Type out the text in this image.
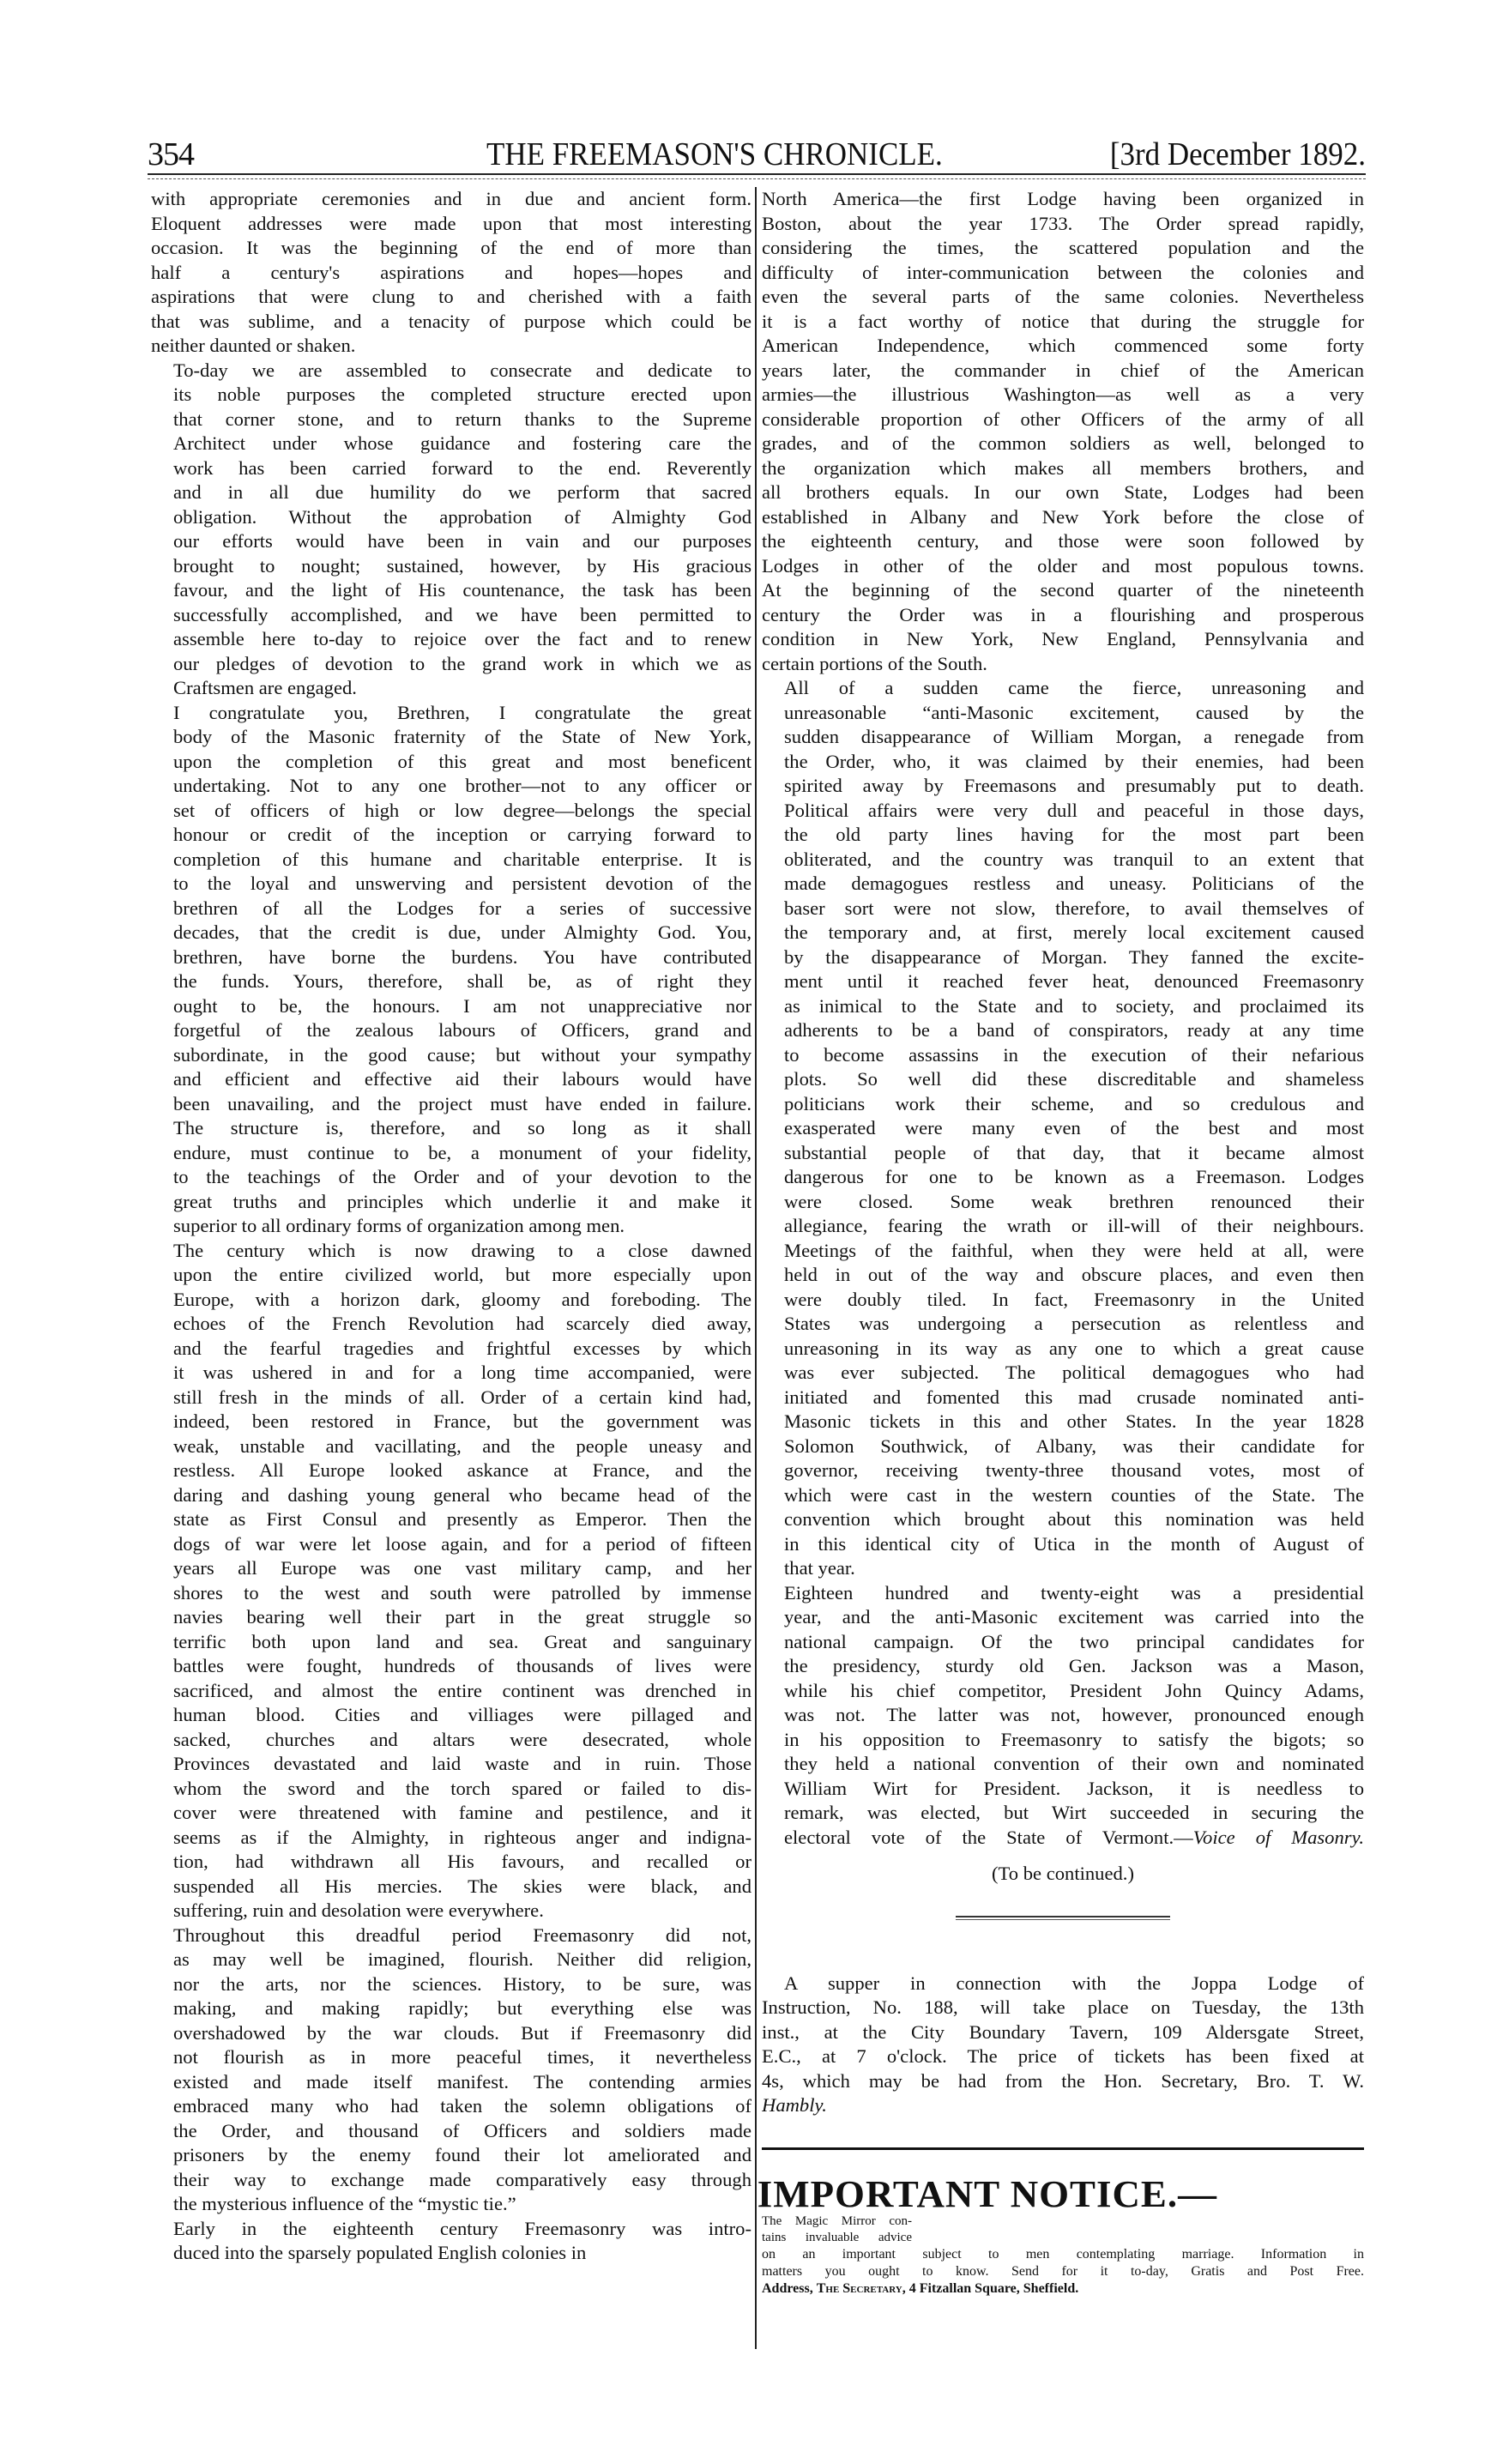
354	THE FREEMASON'S CHRONICLE.	[3rd December 1892.

with appropriate ceremonies and in due and ancient form.
Eloquent addresses were made upon that most interesting
occasion. It was the beginning of the end of more than
half a century's aspirations and hopes—hopes and
aspirations that were clung to and cherished with a faith
that was sublime, and a tenacity of purpose which could be
neither daunted or shaken.

To-day we are assembled to consecrate and dedicate to
its noble purposes the completed structure erected upon
that corner stone, and to return thanks to the Supreme
Architect under whose guidance and fostering care the
work has been carried forward to the end. Reverently
and in all due humility do we perform that sacred
obligation. Without the approbation of Almighty God
our efforts would have been in vain and our purposes
brought to nought; sustained, however, by His gracious
favour, and the light of His countenance, the task has been
successfully accomplished, and we have been permitted to
assemble here to-day to rejoice over the fact and to renew
our pledges of devotion to the grand work in which we as
Craftsmen are engaged.

I congratulate you, Brethren, I congratulate the great
body of the Masonic fraternity of the State of New York,
upon the completion of this great and most beneficent
undertaking. Not to any one brother—not to any officer or
set of officers of high or low degree—belongs the special
honour or credit of the inception or carrying forward to
completion of this humane and charitable enterprise. It is
to the loyal and unswerving and persistent devotion of the
brethren of all the Lodges for a series of successive
decades, that the credit is due, under Almighty God. You,
brethren, have borne the burdens. You have contributed
the funds. Yours, therefore, shall be, as of right they
ought to be, the honours. I am not unappreciative nor
forgetful of the zealous labours of Officers, grand and
subordinate, in the good cause; but without your sympathy
and efficient and effective aid their labours would have
been unavailing, and the project must have ended in failure.
The structure is, therefore, and so long as it shall
endure, must continue to be, a monument of your fidelity,
to the teachings of the Order and of your devotion to the
great truths and principles which underlie it and make it
superior to all ordinary forms of organization among men.

The century which is now drawing to a close dawned
upon the entire civilized world, but more especially upon
Europe, with a horizon dark, gloomy and foreboding. The
echoes of the French Revolution had scarcely died away,
and the fearful tragedies and frightful excesses by which
it was ushered in and for a long time accompanied, were
still fresh in the minds of all. Order of a certain kind had,
indeed, been restored in France, but the government was
weak, unstable and vacillating, and the people uneasy and
restless. All Europe looked askance at France, and the
daring and dashing young general who became head of the
state as First Consul and presently as Emperor. Then the
dogs of war were let loose again, and for a period of fifteen
years all Europe was one vast military camp, and her
shores to the west and south were patrolled by immense
navies bearing well their part in the great struggle so
terrific both upon land and sea. Great and sanguinary
battles were fought, hundreds of thousands of lives were
sacrificed, and almost the entire continent was drenched in
human blood. Cities and villiages were pillaged and
sacked, churches and altars were desecrated, whole
Provinces devastated and laid waste and in ruin. Those
whom the sword and the torch spared or failed to dis-
cover were threatened with famine and pestilence, and it
seems as if the Almighty, in righteous anger and indigna-
tion, had withdrawn all His favours, and recalled or
suspended all His mercies. The skies were black, and
suffering, ruin and desolation were everywhere.

Throughout this dreadful period Freemasonry did not,
as may well be imagined, flourish. Neither did religion,
nor the arts, nor the sciences. History, to be sure, was
making, and making rapidly; but everything else was
overshadowed by the war clouds. But if Freemasonry did
not flourish as in more peaceful times, it nevertheless
existed and made itself manifest. The contending armies
embraced many who had taken the solemn obligations of
the Order, and thousand of Officers and soldiers made
prisoners by the enemy found their lot ameliorated and
their way to exchange made comparatively easy through
the mysterious influence of the “mystic tie.”

Early in the eighteenth century Freemasonry was intro-
duced into the sparsely populated English colonies in

North America—the first Lodge having been organized in
Boston, about the year 1733. The Order spread rapidly,
considering the times, the scattered population and the
difficulty of inter-communication between the colonies and
even the several parts of the same colonies. Nevertheless
it is a fact worthy of notice that during the struggle for
American Independence, which commenced some forty
years later, the commander in chief of the American
armies—the illustrious Washington—as well as a very
considerable proportion of other Officers of the army of all
grades, and of the common soldiers as well, belonged to
the organization which makes all members brothers, and
all brothers equals. In our own State, Lodges had been
established in Albany and New York before the close of
the eighteenth century, and those were soon followed by
Lodges in other of the older and most populous towns.
At the beginning of the second quarter of the nineteenth
century the Order was in a flourishing and prosperous
condition in New York, New England, Pennsylvania and
certain portions of the South.

All of a sudden came the fierce, unreasoning and
unreasonable “anti-Masonic excitement, caused by the
sudden disappearance of William Morgan, a renegade from
the Order, who, it was claimed by their enemies, had been
spirited away by Freemasons and presumably put to death.
Political affairs were very dull and peaceful in those days,
the old party lines having for the most part been
obliterated, and the country was tranquil to an extent that
made demagogues restless and uneasy. Politicians of the
baser sort were not slow, therefore, to avail themselves of
the temporary and, at first, merely local excitement caused
by the disappearance of Morgan. They fanned the excite-
ment until it reached fever heat, denounced Freemasonry
as inimical to the State and to society, and proclaimed its
adherents to be a band of conspirators, ready at any time
to become assassins in the execution of their nefarious
plots. So well did these discreditable and shameless
politicians work their scheme, and so credulous and
exasperated were many even of the best and most
substantial people of that day, that it became almost
dangerous for one to be known as a Freemason. Lodges
were closed. Some weak brethren renounced their
allegiance, fearing the wrath or ill-will of their neighbours.
Meetings of the faithful, when they were held at all, were
held in out of the way and obscure places, and even then
were doubly tiled. In fact, Freemasonry in the United
States was undergoing a persecution as relentless and
unreasoning in its way as any one to which a great cause
was ever subjected. The political demagogues who had
initiated and fomented this mad crusade nominated anti-
Masonic tickets in this and other States. In the year 1828
Solomon Southwick, of Albany, was their candidate for
governor, receiving twenty-three thousand votes, most of
which were cast in the western counties of the State. The
convention which brought about this nomination was held
in this identical city of Utica in the month of August of
that year.

Eighteen hundred and twenty-eight was a presidential
year, and the anti-Masonic excitement was carried into the
national campaign. Of the two principal candidates for
the presidency, sturdy old Gen. Jackson was a Mason,
while his chief competitor, President John Quincy Adams,
was not. The latter was not, however, pronounced enough
in his opposition to Freemasonry to satisfy the bigots; so
they held a national convention of their own and nominated
William Wirt for President. Jackson, it is needless to
remark, was elected, but Wirt succeeded in securing the
electoral vote of the State of Vermont.—Voice of Masonry.

(To be continued.)
A supper in connection with the Joppa Lodge of
Instruction, No. 188, will take place on Tuesday, the 13th
inst., at the City Boundary Tavern, 109 Aldersgate Street,
E.C., at 7 o'clock. The price of tickets has been fixed at
4s, which may be had from the Hon. Secretary, Bro. T. W.
Hambly.
IMPORTANT NOTICE.—
The Magic Mirror con-
tains invaluable advice
on an important subject to men contemplating marriage. Information in
matters you ought to know. Send for it to-day, Gratis and Post Free.
Address, The Secretary, 4 Fitzallan Square, Sheffield.
